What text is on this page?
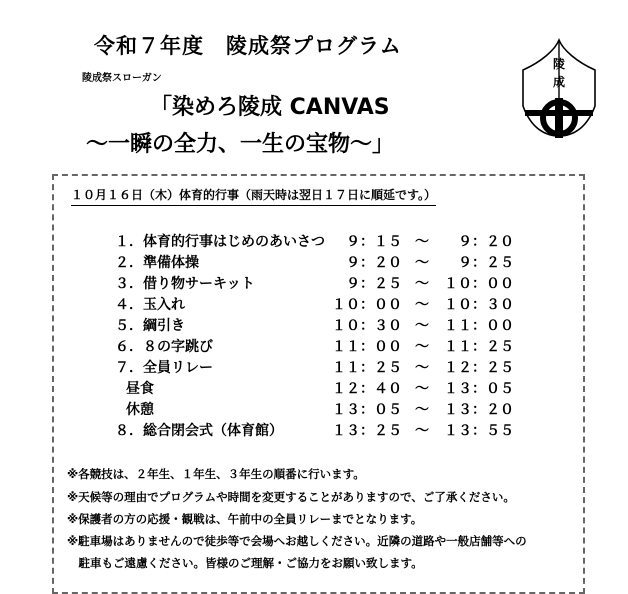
令和７年度　陵成祭プログラム
陵成祭スローガン
「染めろ陵成 CANVAS
～一瞬の全力、一生の宝物～」
陵
成
１０月１６日（木）体育的行事（雨天時は翌日１７日に順延です。）
１．体育的行事はじめのあいさつ	９：１５ ～	９：２０
２．準備体操	９：２０ ～	９：２５
３．借り物サーキット	９：２５ ～	１０：００
４．玉入れ	１０：００ ～	１０：３０
５．綱引き	１０：３０ ～	１１：００
６．８の字跳び	１１：００ ～	１１：２５
７．全員リレー	１１：２５ ～	１２：２５
昼食	１２：４０ ～	１３：０５
休憩	１３：０５ ～	１３：２０
８．総合閉会式（体育館）	１３：２５ ～	１３：５５
※各競技は、２年生、１年生、３年生の順番に行います。
※天候等の理由でプログラムや時間を変更することがありますので、ご了承ください。
※保護者の方の応援・観戦は、午前中の全員リレーまでとなります。
※駐車場はありませんので徒歩等で会場へお越しください。近隣の道路や一般店舗等への
　駐車もご遠慮ください。皆様のご理解・ご協力をお願い致します。
